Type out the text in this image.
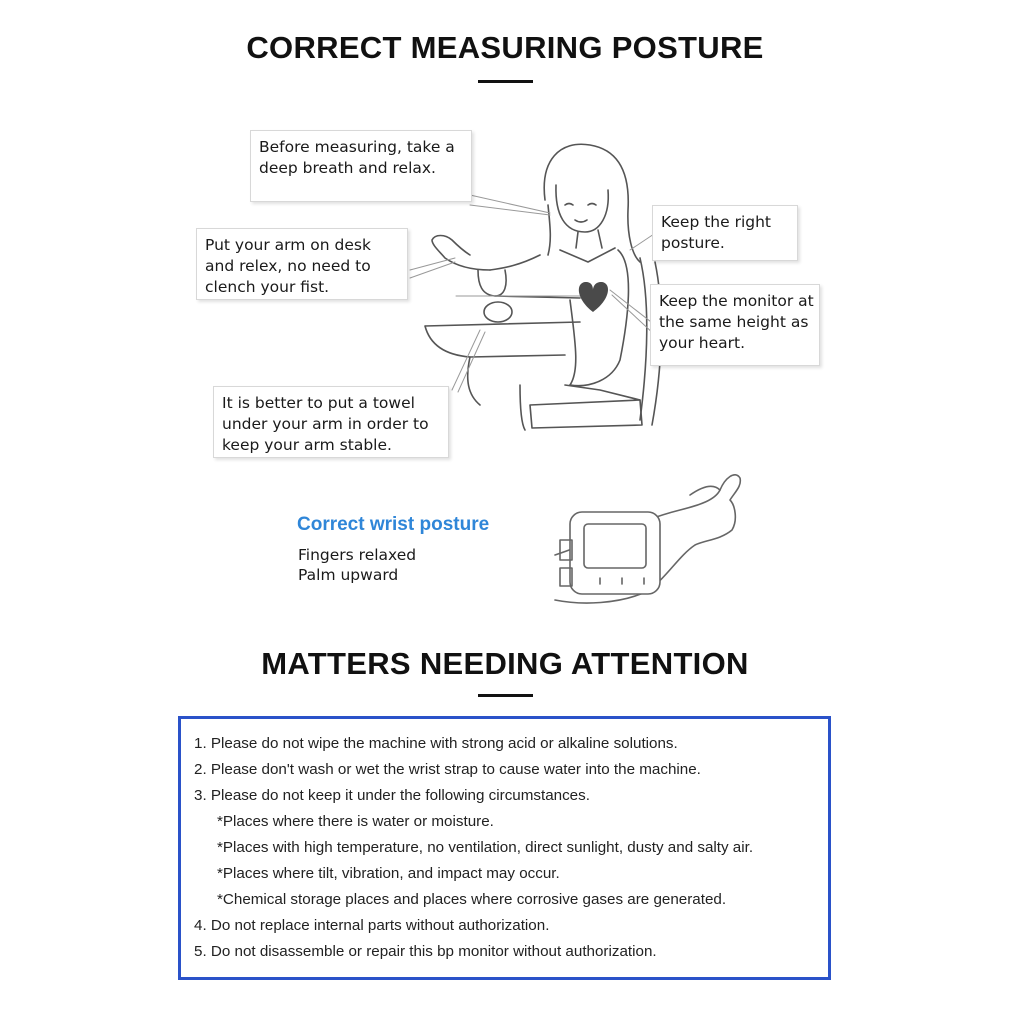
CORRECT MEASURING POSTURE
Before measuring, take a
deep breath and relax.
Put your arm on desk
and relex, no need to
clench your fist.
Keep the right
posture.
Keep the monitor at
the same height as
your heart.
It is better to put a towel
under your arm in order to
keep your arm stable.
Correct wrist posture
Fingers relaxed
Palm upward
MATTERS NEEDING ATTENTION
1. Please do not wipe the machine with strong acid or alkaline solutions.
2. Please don't wash or wet the wrist strap to cause water into the machine.
3. Please do not keep it under the following circumstances.
*Places where there is water or moisture.
*Places with high temperature, no ventilation, direct sunlight, dusty and salty air.
*Places where tilt, vibration, and impact may occur.
*Chemical storage places and places where corrosive gases are generated.
4. Do not replace internal parts without authorization.
5. Do not disassemble or repair this bp monitor without authorization.
